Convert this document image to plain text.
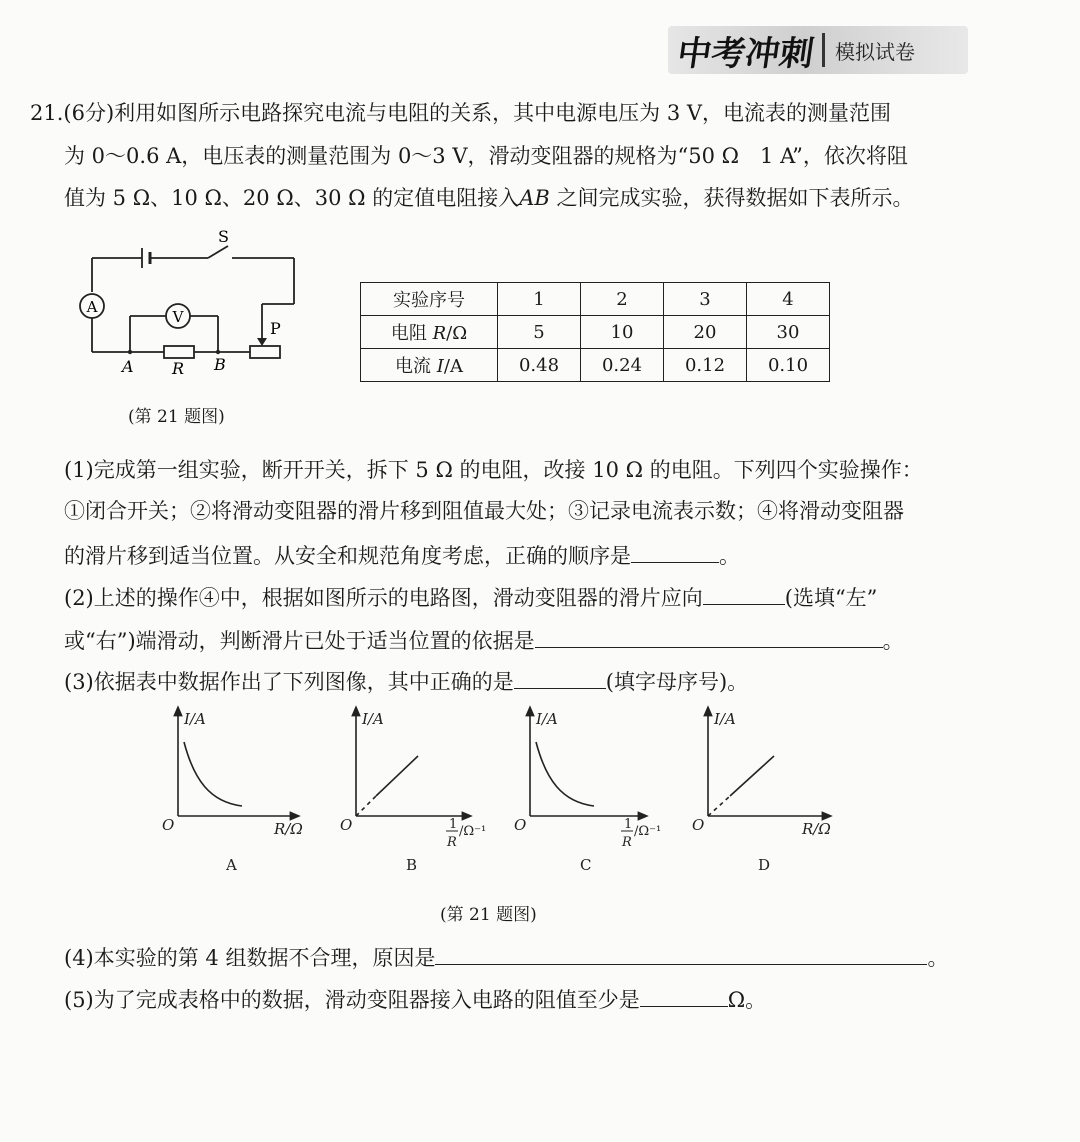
中考冲刺 模拟试卷
21.(6分)利用如图所示电路探究电流与电阻的关系，其中电源电压为 3 V，电流表的测量范围
为 0～0.6 A，电压表的测量范围为 0～3 V，滑动变阻器的规格为“50 Ω　1 A”，依次将阻
值为 5 Ω、10 Ω、20 Ω、30 Ω 的定值电阻接入AB 之间完成实验，获得数据如下表所示。
A
V
S
P
A	B
R
(第 21 题图)
实验序号	1	2	3	4
电阻 R/Ω	5	10	20	30
电流 I/A	0.48	0.24	0.12	0.10
(1)完成第一组实验，断开开关，拆下 5 Ω 的电阻，改接 10 Ω 的电阻。下列四个实验操作：
①闭合开关；②将滑动变阻器的滑片移到阻值最大处；③记录电流表示数；④将滑动变阻器
的滑片移到适当位置。从安全和规范角度考虑，正确的顺序是	。
(2)上述的操作④中，根据如图所示的电路图，滑动变阻器的滑片应向	(选填“左”
或“右”)端滑动，判断滑片已处于适当位置的依据是	。
(3)依据表中数据作出了下列图像，其中正确的是	(填字母序号)。
I/A
O	R/Ω
A
I/A
O	1
R
/Ω⁻¹
B
I/A
O	1
R
/Ω⁻¹
C
I/A
O	R/Ω
D
(第 21 题图)
(4)本实验的第 4 组数据不合理，原因是	。
(5)为了完成表格中的数据，滑动变阻器接入电路的阻值至少是	Ω。
